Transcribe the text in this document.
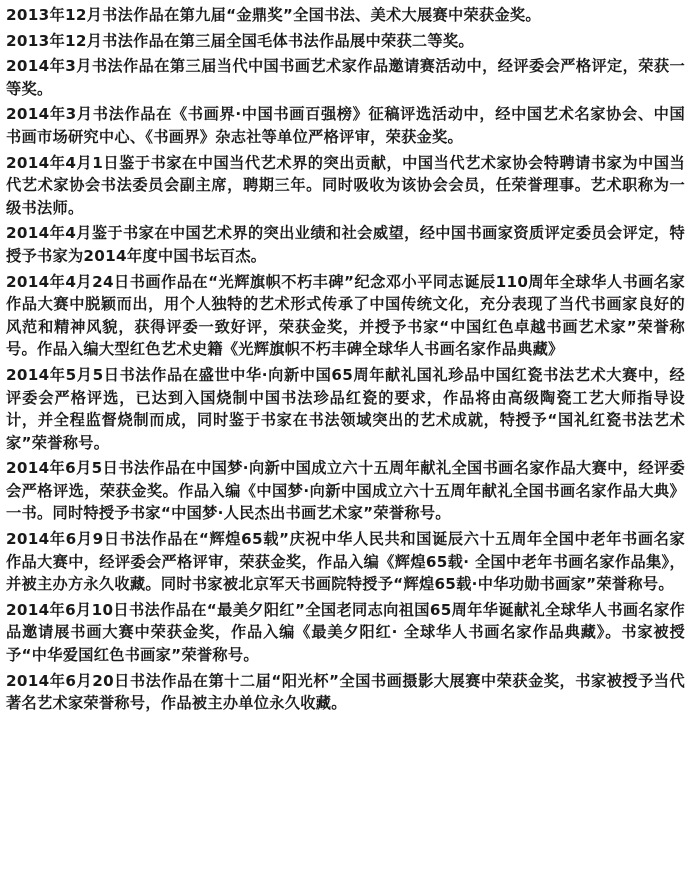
2013年12月书法作品在第九届“金鼎奖”全国书法、美术大展赛中荣获金奖。

2013年12月书法作品在第三届全国毛体书法作品展中荣获二等奖。

2014年3月书法作品在第三届当代中国书画艺术家作品邀请赛活动中，经评委会严格评定，荣获一等奖。

2014年3月书法作品在《书画界·中国书画百强榜》征稿评选活动中，经中国艺术名家协会、中国书画市场研究中心、《书画界》杂志社等单位严格评审，荣获金奖。

2014年4月1日鉴于书家在中国当代艺术界的突出贡献，中国当代艺术家协会特聘请书家为中国当代艺术家协会书法委员会副主席，聘期三年。同时吸收为该协会会员，任荣誉理事。艺术职称为一级书法师。

2014年4月鉴于书家在中国艺术界的突出业绩和社会威望，经中国书画家资质评定委员会评定，特授予书家为2014年度中国书坛百杰。

2014年4月24日书画作品在“光辉旗帜不朽丰碑”纪念邓小平同志诞辰110周年全球华人书画名家作品大赛中脱颖而出，用个人独特的艺术形式传承了中国传统文化，充分表现了当代书画家良好的风范和精神风貌，获得评委一致好评，荣获金奖，并授予书家“中国红色卓越书画艺术家”荣誉称号。作品入编大型红色艺术史籍《光辉旗帜不朽丰碑全球华人书画名家作品典藏》

2014年5月5日书法作品在盛世中华·向新中国65周年献礼国礼珍品中国红瓷书法艺术大赛中，经评委会严格评选，已达到入国烧制中国书法珍品红瓷的要求，作品将由高级陶瓷工艺大师指导设计，并全程监督烧制而成，同时鉴于书家在书法领域突出的艺术成就，特授予“国礼红瓷书法艺术家”荣誉称号。

2014年6月5日书法作品在中国梦·向新中国成立六十五周年献礼全国书画名家作品大赛中，经评委会严格评选，荣获金奖。作品入编《中国梦·向新中国成立六十五周年献礼全国书画名家作品大典》一书。同时特授予书家“中国梦·人民杰出书画艺术家”荣誉称号。

2014年6月9日书法作品在“辉煌65载”庆祝中华人民共和国诞辰六十五周年全国中老年书画名家作品大赛中，经评委会严格评审，荣获金奖，作品入编《辉煌65载· 全国中老年书画名家作品集》，并被主办方永久收藏。同时书家被北京军天书画院特授予“辉煌65载·中华功勋书画家”荣誉称号。

2014年6月10日书法作品在“最美夕阳红”全国老同志向祖国65周年华诞献礼全球华人书画名家作品邀请展书画大赛中荣获金奖，作品入编《最美夕阳红· 全球华人书画名家作品典藏》。书家被授予“中华爱国红色书画家”荣誉称号。

2014年6月20日书法作品在第十二届“阳光杯”全国书画摄影大展赛中荣获金奖，书家被授予当代著名艺术家荣誉称号，作品被主办单位永久收藏。
